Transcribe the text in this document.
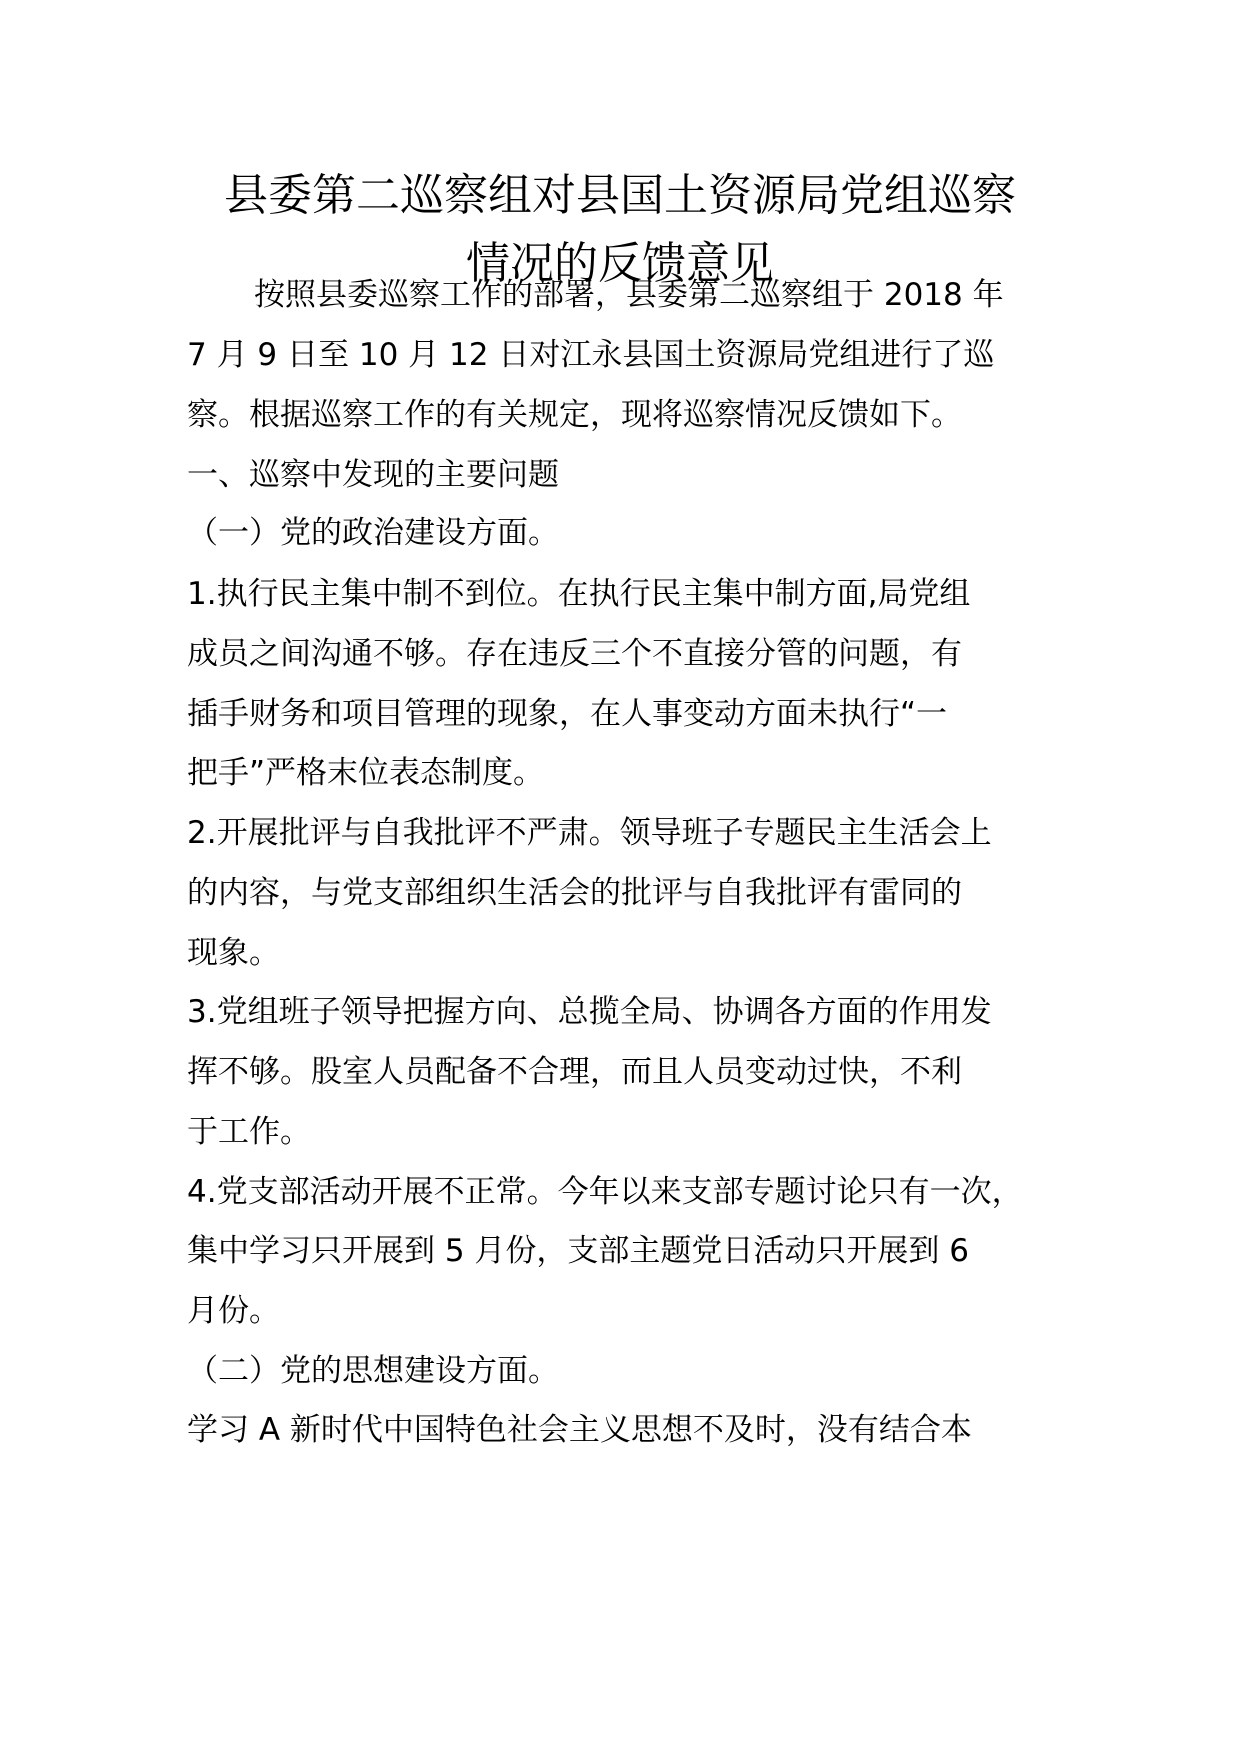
县委第二巡察组对县国土资源局党组巡察
情况的反馈意见

按照县委巡察工作的部署，县委第二巡察组于 2018 年

7 月 9 日至 10 月 12 日对江永县国土资源局党组进行了巡

察。根据巡察工作的有关规定，现将巡察情况反馈如下。

一、巡察中发现的主要问题

（一）党的政治建设方面。

1.执行民主集中制不到位。在执行民主集中制方面,局党组

成员之间沟通不够。存在违反三个不直接分管的问题，有

插手财务和项目管理的现象，在人事变动方面未执行“一

把手”严格末位表态制度。

2.开展批评与自我批评不严肃。领导班子专题民主生活会上

的内容，与党支部组织生活会的批评与自我批评有雷同的

现象。

3.党组班子领导把握方向、总揽全局、协调各方面的作用发

挥不够。股室人员配备不合理，而且人员变动过快，不利

于工作。

4.党支部活动开展不正常。今年以来支部专题讨论只有一次，

集中学习只开展到 5 月份，支部主题党日活动只开展到 6

月份。

（二）党的思想建设方面。

学习 A 新时代中国特色社会主义思想不及时，没有结合本
